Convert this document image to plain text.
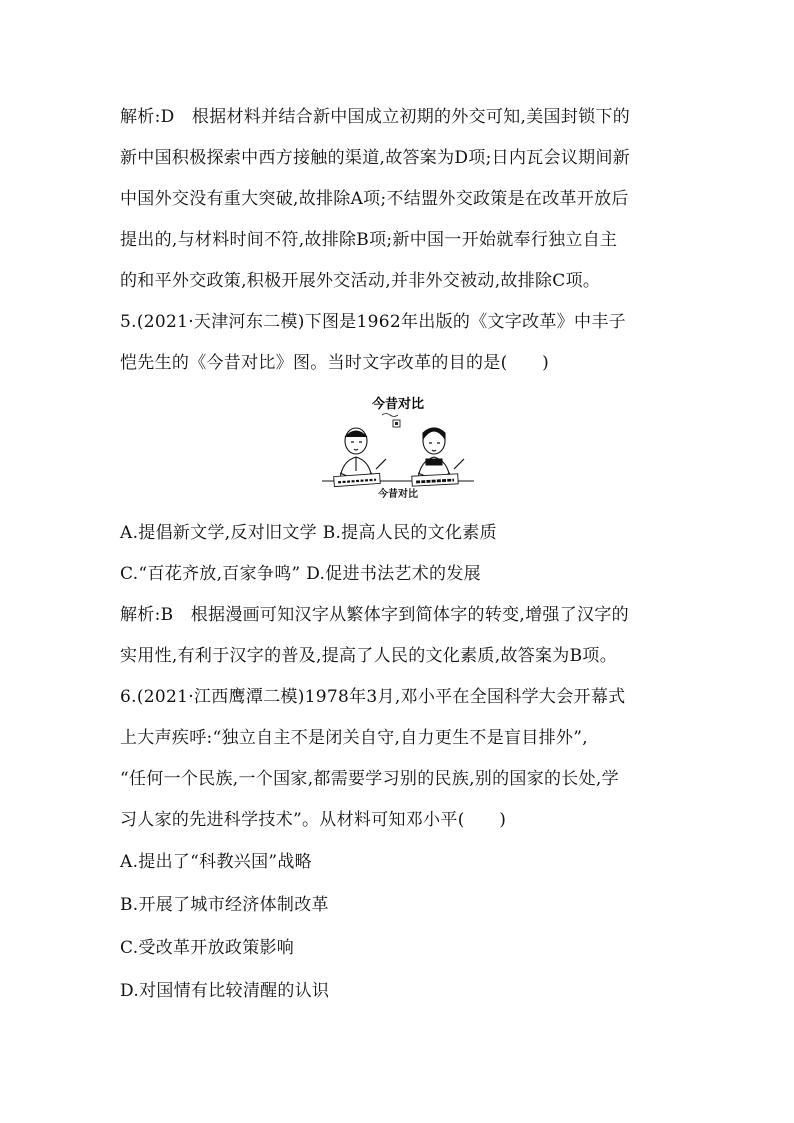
解析:D　根据材料并结合新中国成立初期的外交可知,美国封锁下的
新中国积极探索中西方接触的渠道,故答案为D项;日内瓦会议期间新
中国外交没有重大突破,故排除A项;不结盟外交政策是在改革开放后
提出的,与材料时间不符,故排除B项;新中国一开始就奉行独立自主
的和平外交政策,积极开展外交活动,并非外交被动,故排除C项。
5.(2021·天津河东二模)下图是1962年出版的《文字改革》中丰子
恺先生的《今昔对比》图。当时文字改革的目的是(　　)
今昔对比
今昔对比
A.提倡新文学,反对旧文学 B.提高人民的文化素质
C.“百花齐放,百家争鸣” D.促进书法艺术的发展
解析:B　根据漫画可知汉字从繁体字到简体字的转变,增强了汉字的
实用性,有利于汉字的普及,提高了人民的文化素质,故答案为B项。
6.(2021·江西鹰潭二模)1978年3月,邓小平在全国科学大会开幕式
上大声疾呼:“独立自主不是闭关自守,自力更生不是盲目排外”,
“任何一个民族,一个国家,都需要学习别的民族,别的国家的长处,学
习人家的先进科学技术”。从材料可知邓小平(　　)
A.提出了“科教兴国”战略
B.开展了城市经济体制改革
C.受改革开放政策影响
D.对国情有比较清醒的认识
